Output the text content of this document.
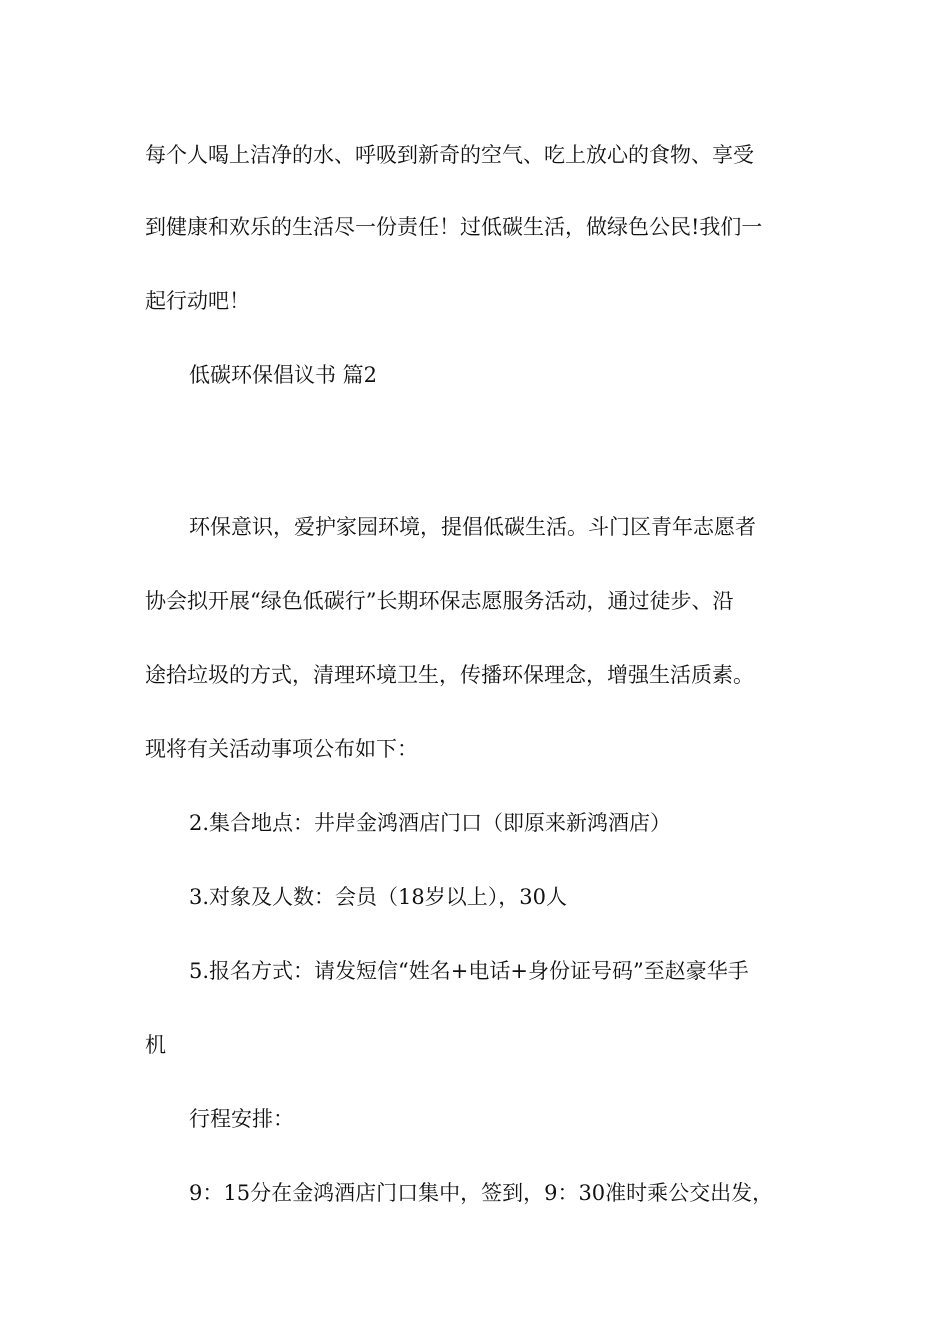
每个人喝上洁净的水、呼吸到新奇的空气、吃上放心的食物、享受

到健康和欢乐的生活尽一份责任！过低碳生活，做绿色公民!我们一

起行动吧！

低碳环保倡议书 篇2

环保意识，爱护家园环境，提倡低碳生活。斗门区青年志愿者

协会拟开展“绿色低碳行”长期环保志愿服务活动，通过徒步、沿

途拾垃圾的方式，清理环境卫生，传播环保理念，增强生活质素。

现将有关活动事项公布如下：

2.集合地点：井岸金鸿酒店门口（即原来新鸿酒店）

3.对象及人数：会员（18岁以上），30人

5.报名方式：请发短信“姓名+电话+身份证号码”至赵豪华手

机

行程安排：

9：15分在金鸿酒店门口集中，签到，9：30准时乘公交出发，
